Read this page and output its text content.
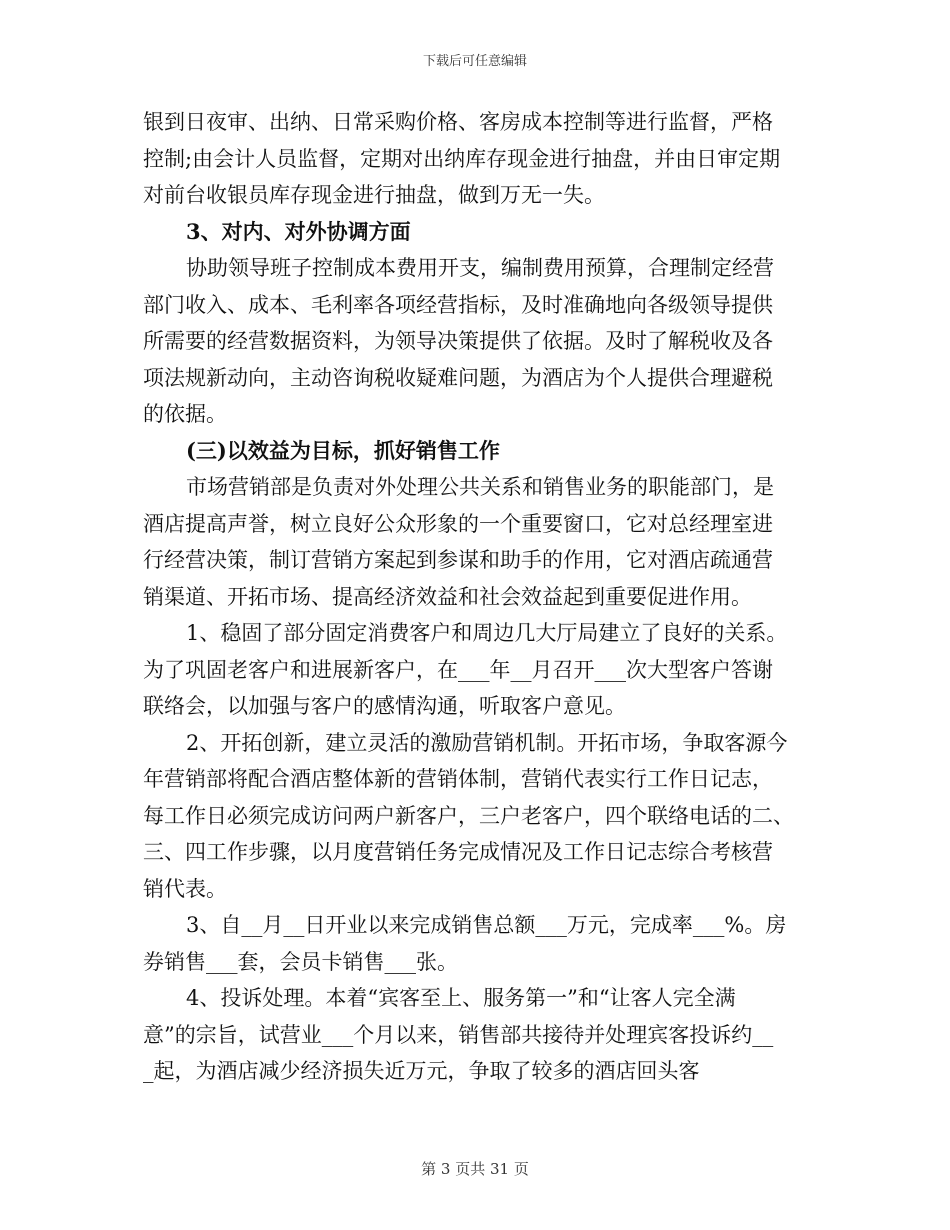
下载后可任意编辑
银到日夜审、出纳、日常采购价格、客房成本控制等进行监督，严格
控制;由会计人员监督，定期对出纳库存现金进行抽盘，并由日审定期
对前台收银员库存现金进行抽盘，做到万无一失。
3、对内、对外协调方面
协助领导班子控制成本费用开支，编制费用预算，合理制定经营
部门收入、成本、毛利率各项经营指标，及时准确地向各级领导提供
所需要的经营数据资料，为领导决策提供了依据。及时了解税收及各
项法规新动向，主动咨询税收疑难问题，为酒店为个人提供合理避税
的依据。
(三)以效益为目标，抓好销售工作
市场营销部是负责对外处理公共关系和销售业务的职能部门，是
酒店提高声誉，树立良好公众形象的一个重要窗口，它对总经理室进
行经营决策，制订营销方案起到参谋和助手的作用，它对酒店疏通营
销渠道、开拓市场、提高经济效益和社会效益起到重要促进作用。
1、稳固了部分固定消费客户和周边几大厅局建立了良好的关系。
为了巩固老客户和进展新客户，在___年__月召开___次大型客户答谢
联络会，以加强与客户的感情沟通，听取客户意见。
2、开拓创新，建立灵活的激励营销机制。开拓市场，争取客源今
年营销部将配合酒店整体新的营销体制，营销代表实行工作日记志，
每工作日必须完成访问两户新客户，三户老客户，四个联络电话的二、
三、四工作步骤，以月度营销任务完成情况及工作日记志综合考核营
销代表。
3、自__月__日开业以来完成销售总额___万元，完成率___%。房
券销售___套，会员卡销售___张。
4、投诉处理。本着“宾客至上、服务第一”和“让客人完全满
意”的宗旨，试营业___个月以来，销售部共接待并处理宾客投诉约__
_起，为酒店减少经济损失近万元，争取了较多的酒店回头客
第 3 页共 31 页
